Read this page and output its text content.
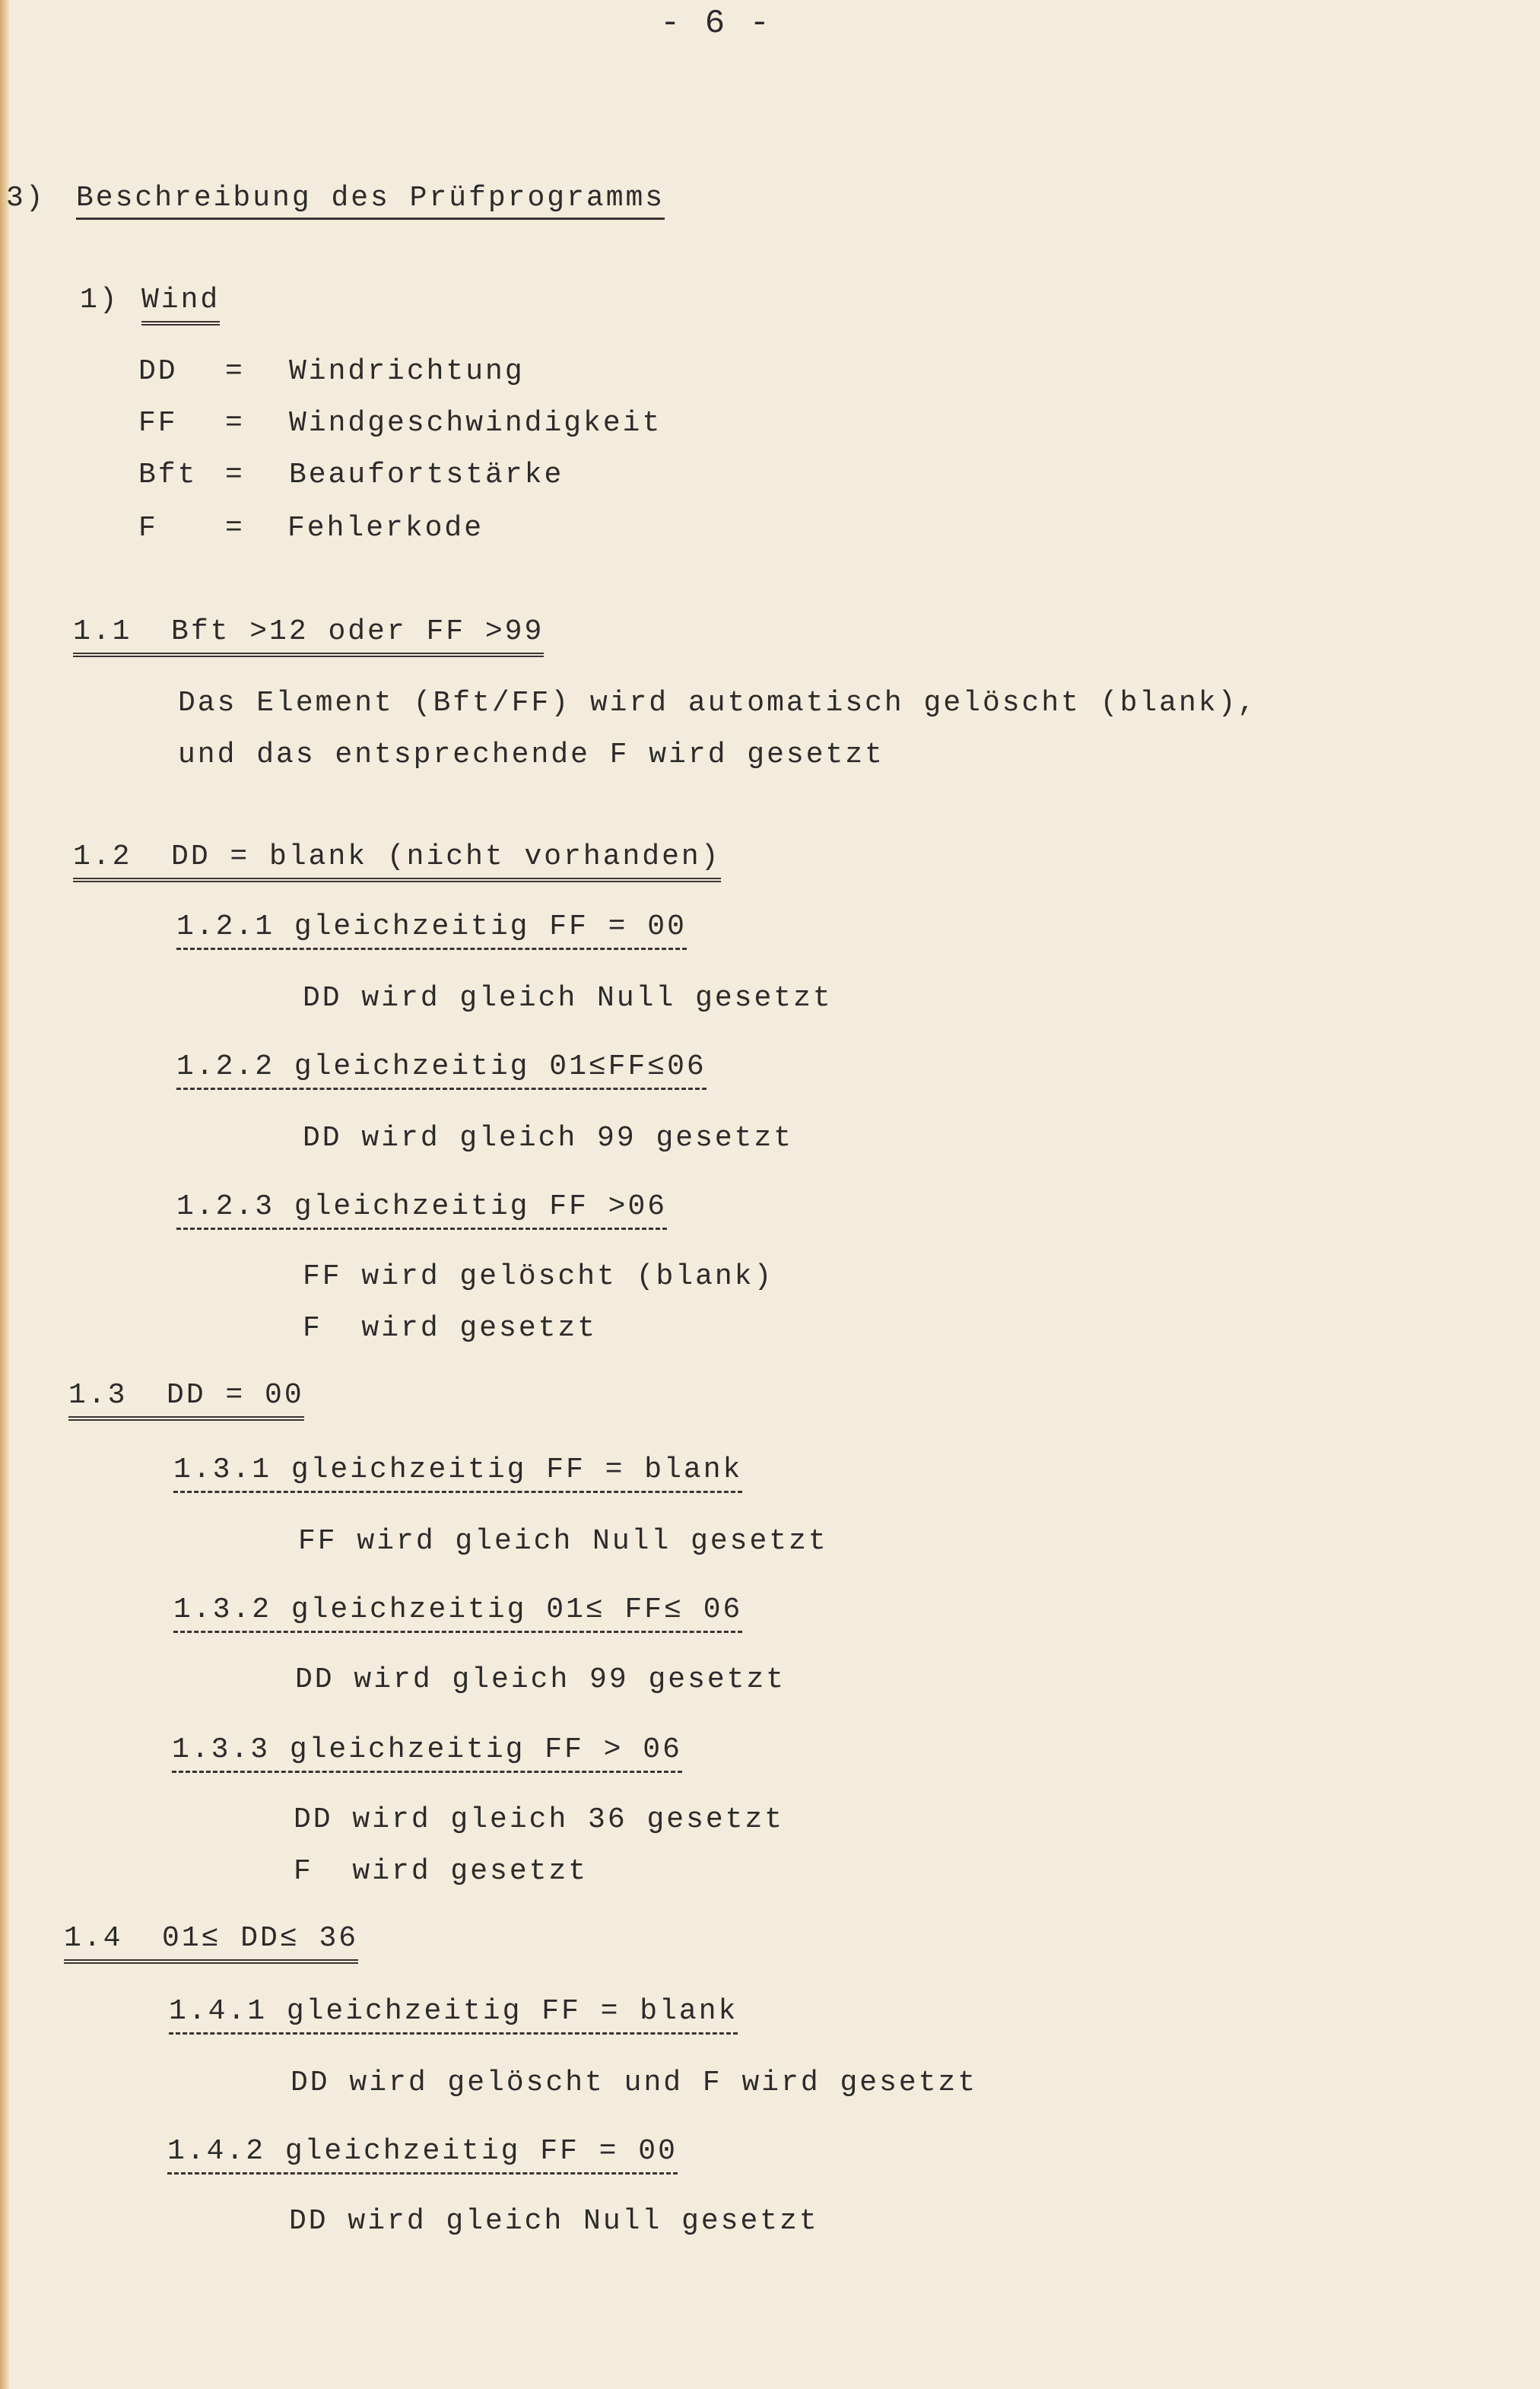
- 6 -
3) Beschreibung des Prüfprogramms
1) Wind
DD = Windrichtung
FF = Windgeschwindigkeit
Bft = Beaufortstärke
F = Fehlerkode
1.1  Bft >12 oder FF >99
Das Element (Bft/FF) wird automatisch gelöscht (blank),
und das entsprechende F wird gesetzt
1.2  DD = blank (nicht vorhanden)
1.2.1 gleichzeitig FF = 00
DD wird gleich Null gesetzt
1.2.2 gleichzeitig 01≤FF≤06
DD wird gleich 99 gesetzt
1.2.3 gleichzeitig FF >06
FF wird gelöscht (blank)
F  wird gesetzt
1.3  DD = 00
1.3.1 gleichzeitig FF = blank
FF wird gleich Null gesetzt
1.3.2 gleichzeitig 01≤ FF≤ 06
DD wird gleich 99 gesetzt
1.3.3 gleichzeitig FF > 06
DD wird gleich 36 gesetzt
F  wird gesetzt
1.4  01≤ DD≤ 36
1.4.1 gleichzeitig FF = blank
DD wird gelöscht und F wird gesetzt
1.4.2 gleichzeitig FF = 00
DD wird gleich Null gesetzt
